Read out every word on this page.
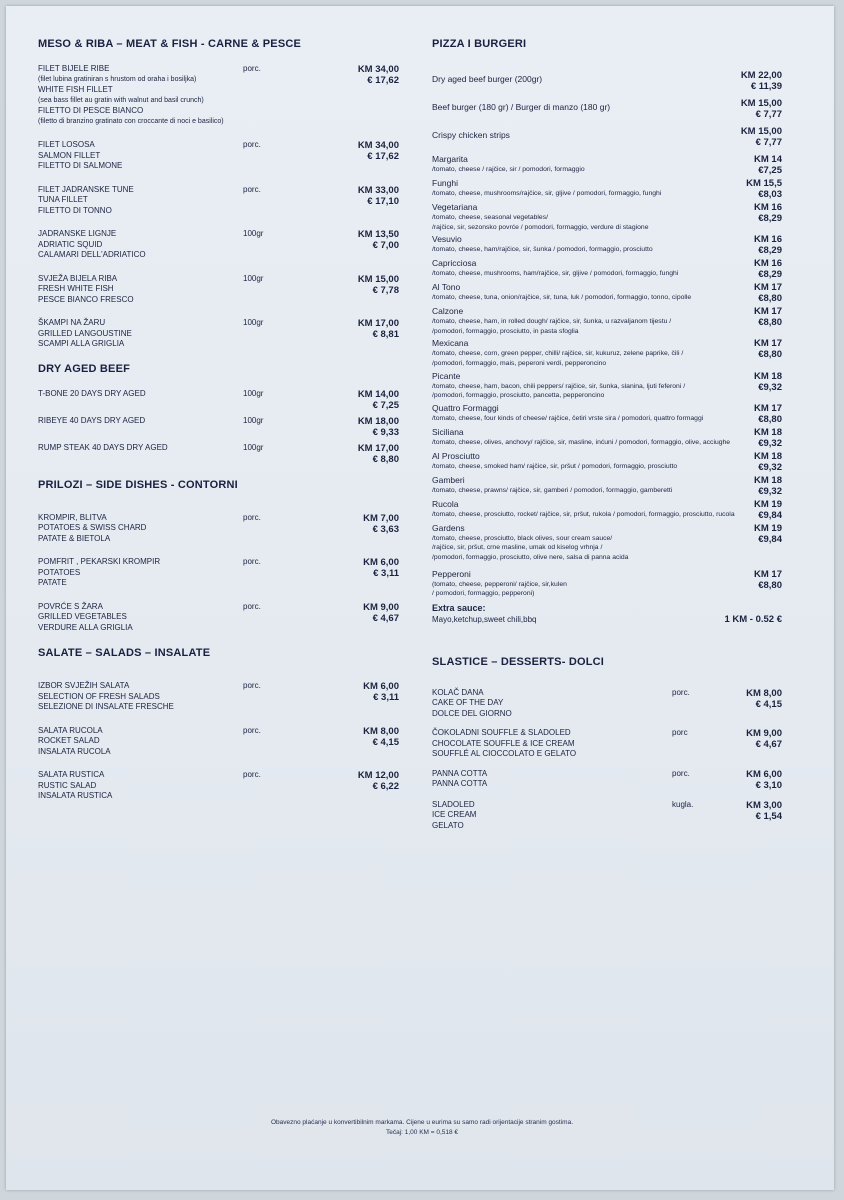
MESO & RIBA – MEAT & FISH - CARNE & PESCE
FILET BIJELE RIBE
(filet lubina gratiniran s hrustom od oraha i bosiljka)
WHITE FISH FILLET
(sea bass fillet au gratin with walnut and basil crunch)
FILETTO DI PESCE BIANCO
(filetto di branzino gratinato con croccante di noci e basilico)
porc.	KM 34,00
€ 17,62
FILET LOSOSA
SALMON FILLET
FILETTO DI SALMONE
porc.	KM 34,00
€ 17,62
FILET JADRANSKE TUNE
TUNA FILLET
FILETTO DI TONNO
porc.	KM 33,00
€ 17,10
JADRANSKE LIGNJE
ADRIATIC SQUID
CALAMARI DELL'ADRIATICO
100gr	KM 13,50
€ 7,00
SVJEŽA BIJELA RIBA
FRESH WHITE FISH
PESCE BIANCO FRESCO
100gr	KM 15,00
€ 7,78
ŠKAMPI NA ŽARU
GRILLED LANGOUSTINE
SCAMPI ALLA GRIGLIA
100gr	KM 17,00
€ 8,81
DRY AGED BEEF
T-BONE 20 DAYS DRY AGED	100gr	KM 14,00
€ 7,25
RIBEYE 40 DAYS DRY AGED	100gr	KM 18,00
€ 9,33
RUMP STEAK 40 DAYS DRY AGED	100gr	KM 17,00
€ 8,80
PRILOZI – SIDE DISHES - CONTORNI
KROMPIR, BLITVA
POTATOES & SWISS CHARD
PATATE & BIETOLA
porc.	KM 7,00
€ 3,63
POMFRIT , PEKARSKI KROMPIR
POTATOES
PATATE
porc.	KM 6,00
€ 3,11
POVRĆE S ŽARA
GRILLED VEGETABLES
VERDURE ALLA GRIGLIA
porc.	KM 9,00
€ 4,67
SALATE – SALADS – INSALATE
IZBOR SVJEŽIH SALATA
SELECTION OF FRESH SALADS
SELEZIONE DI INSALATE FRESCHE
porc.	KM 6,00
€ 3,11
SALATA RUCOLA
ROCKET SALAD
INSALATA RUCOLA
porc.	KM 8,00
€ 4,15
SALATA RUSTICA
RUSTIC SALAD
INSALATA RUSTICA
porc.	KM 12,00
€ 6,22
PIZZA I BURGERI
Dry aged beef burger (200gr)	KM 22,00
€ 11,39
Beef burger (180 gr) / Burger di manzo (180 gr)	KM 15,00
€ 7,77
Crispy chicken strips	KM 15,00
€ 7,77
Margarita
/tomato, cheese / rajčice, sir / pomodori, formaggio
KM 14
€7,25
Funghi
/tomato, cheese, mushrooms/rajčice, sir, gljive / pomodori, formaggio, funghi
KM 15,5
€8,03
Vegetariana
/tomato, cheese, seasonal vegetables/
/rajčice, sir, sezonsko povrće / pomodori, formaggio, verdure di stagione
KM 16
€8,29
Vesuvio
/tomato, cheese, ham/rajčice, sir, šunka / pomodori, formaggio, prosciutto
KM 16
€8,29
Capricciosa
/tomato, cheese, mushrooms, ham/rajčice, sir, gljive / pomodori, formaggio, funghi
KM 16
€8,29
Al Tono
/tomato, cheese, tuna, onion/rajčice, sir, tuna, luk / pomodori, formaggio, tonno, cipolle
KM 17
€8,80
Calzone
/tomato, cheese, ham, in rolled dough/ rajčice, sir, šunka, u razvaljanom tijestu /
/pomodori, formaggio, prosciutto, in pasta sfoglia
KM 17
€8,80
Mexicana
/tomato, cheese, corn, green pepper, chilli/ rajčice, sir, kukuruz, zelene paprike, čili /
/pomodori, formaggio, mais, peperoni verdi, pepperoncino
KM 17
€8,80
Picante
/tomato, cheese, ham, bacon, chili peppers/ rajčice, sir, šunka, slanina, ljuti feferoni /
/pomodori, formaggio, prosciutto, pancetta, pepperoncino
KM 18
€9,32
Quattro Formaggi
/tomato, cheese, four kinds of cheese/ rajčice, četiri vrste sira / pomodori, quattro formaggi
KM 17
€8,80
Siciliana
/tomato, cheese, olives, anchovy/ rajčice, sir, masline, inćuni / pomodori, formaggio, olive, acciughe
KM 18
€9,32
Al Prosciutto
/tomato, cheese, smoked ham/ rajčice, sir, pršut / pomodori, formaggio, prosciutto
KM 18
€9,32
Gamberi
/tomato, cheese, prawns/ rajčice, sir, gamberi / pomodori, formaggio, gamberetti
KM 18
€9,32
Rucola
/tomato, cheese, prosciutto, rocket/ rajčice, sir, pršut, rukola / pomodori, formaggio, prosciutto, rucola
KM 19
€9,84
Gardens
/tomato, cheese, prosciutto, black olives, sour cream sauce/
/rajčice, sir, pršut, crne masline, umak od kiselog vrhnja /
/pomodori, formaggio, prosciutto, olive nere, salsa di panna acida
KM 19
€9,84
Pepperoni
(tomato, cheese, pepperoni/ rajčice, sir,kulen
/ pomodori, formaggio, pepperoni)
KM 17
€8,80
Extra sauce:
Mayo,ketchup,sweet chili,bbq	1 KM - 0.52 €
SLASTICE – DESSERTS- DOLCI
KOLAČ DANA
CAKE OF THE DAY
DOLCE DEL GIORNO
porc.	KM 8,00
€ 4,15
ČOKOLADNI SOUFFLE & SLADOLED
CHOCOLATE SOUFFLE & ICE CREAM
SOUFFLÉ AL CIOCCOLATO E GELATO
porc	KM 9,00
€ 4,67
PANNA COTTA
PANNA COTTA
porc.	KM 6,00
€ 3,10
SLADOLED
ICE CREAM
GELATO
kugla.	KM 3,00
€ 1,54
Obavezno plaćanje u konvertibilnim markama. Cijene u eurima su samo radi orijentacije stranim gostima.
Tečaj: 1,00 KM = 0,518 €
